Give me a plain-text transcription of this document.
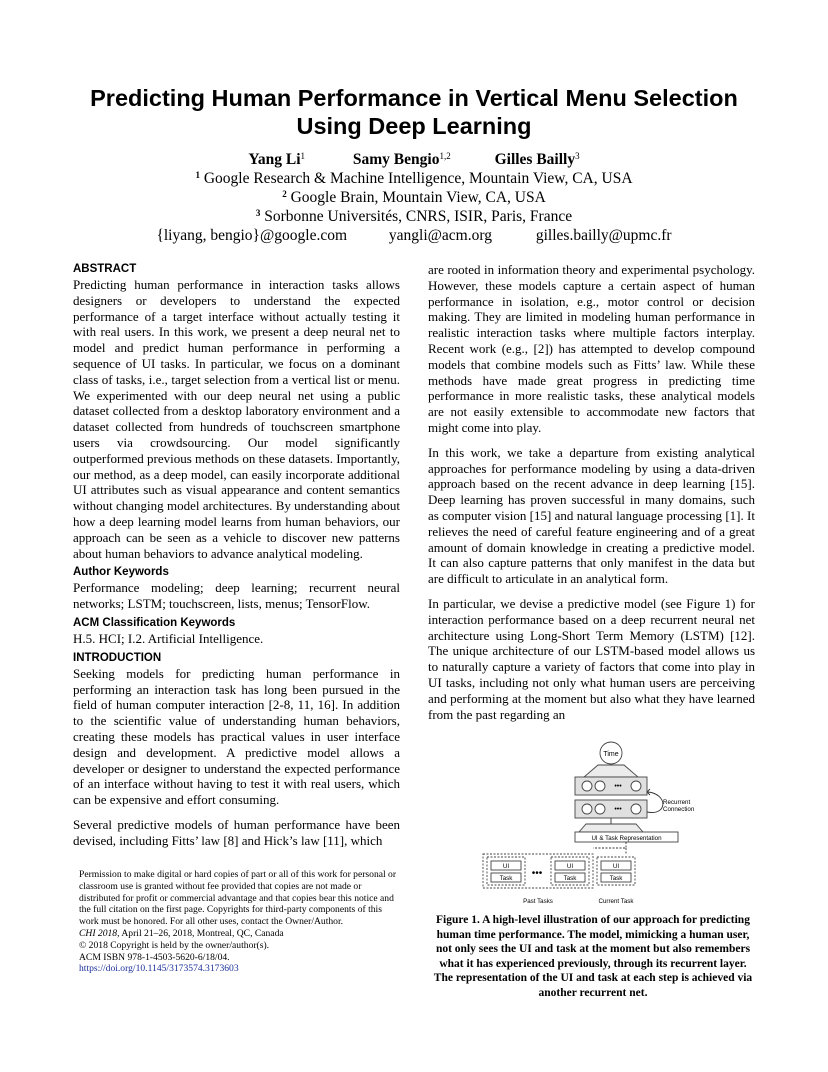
Predicting Human Performance in Vertical Menu Selection
Using Deep Learning
Yang Li$^1$	Samy Bengio$^{1,2}$	Gilles Bailly$^3$
$^1$ Google Research & Machine Intelligence, Mountain View, CA, USA
$^2$ Google Brain, Mountain View, CA, USA
$^3$ Sorbonne Universités, CNRS, ISIR, Paris, France
{liyang, bengio}@google.com	yangli@acm.org	gilles.bailly@upmc.fr
ABSTRACT

Predicting human performance in interaction tasks allows designers or developers to understand the expected performance of a target interface without actually testing it with real users. In this work, we present a deep neural net to model and predict human performance in performing a sequence of UI tasks. In particular, we focus on a dominant class of tasks, i.e., target selection from a vertical list or menu. We experimented with our deep neural net using a public dataset collected from a desktop laboratory environment and a dataset collected from hundreds of touchscreen smartphone users via crowdsourcing. Our model significantly outperformed previous methods on these datasets. Importantly, our method, as a deep model, can easily incorporate additional UI attributes such as visual appearance and content semantics without changing model architectures. By understanding about how a deep learning model learns from human behaviors, our approach can be seen as a vehicle to discover new patterns about human behaviors to advance analytical modeling.

Author Keywords

Performance modeling; deep learning; recurrent neural networks; LSTM; touchscreen, lists, menus; TensorFlow.

ACM Classification Keywords

H.5. HCI; I.2. Artificial Intelligence.

INTRODUCTION

Seeking models for predicting human performance in performing an interaction task has long been pursued in the field of human computer interaction [2-8, 11, 16]. In addition to the scientific value of understanding human behaviors, creating these models has practical values in user interface design and development. A predictive model allows a developer or designer to understand the expected performance of an interface without having to test it with real users, which can be expensive and effort consuming.

Several predictive models of human performance have been devised, including Fitts’ law [8] and Hick’s law [11], which

Permission to make digital or hard copies of part or all of this work for personal or classroom use is granted without fee provided that copies are not made or distributed for profit or commercial advantage and that copies bear this notice and the full citation on the first page. Copyrights for third-party components of this work must be honored. For all other uses, contact the Owner/Author.

CHI 2018, April 21–26, 2018, Montreal, QC, Canada

© 2018 Copyright is held by the owner/author(s).

ACM ISBN 978-1-4503-5620-6/18/04.

https://doi.org/10.1145/3173574.3173603

are rooted in information theory and experimental psychology. However, these models capture a certain aspect of human performance in isolation, e.g., motor control or decision making. They are limited in modeling human performance in realistic interaction tasks where multiple factors interplay. Recent work (e.g., [2]) has attempted to develop compound models that combine models such as Fitts’ law. While these methods have made great progress in predicting time performance in more realistic tasks, these analytical models are not easily extensible to accommodate new factors that might come into play.

In this work, we take a departure from existing analytical approaches for performance modeling by using a data-driven approach based on the recent advance in deep learning [15]. Deep learning has proven successful in many domains, such as computer vision [15] and natural language processing [1]. It relieves the need of careful feature engineering and of a great amount of domain knowledge in creating a predictive model. It can also capture patterns that only manifest in the data but are difficult to articulate in an analytical form.

In particular, we devise a predictive model (see Figure 1) for interaction performance based on a deep recurrent neural net architecture using Long-Short Term Memory (LSTM) [12]. The unique architecture of our LSTM-based model allows us to naturally capture a variety of factors that come into play in UI tasks, including not only what human users are perceiving and performing at the moment but also what they have learned from the past regarding an

Time
•••
•••
Recurrent
Connection
UI & Task Representation
UI
Task •••
UI
Task
UI
Task
Past Tasks	Current Task
Figure 1. A high-level illustration of our approach for predicting human time performance. The model, mimicking a human user, not only sees the UI and task at the moment but also remembers what it has experienced previously, through its recurrent layer. The representation of the UI and task at each step is achieved via another recurrent net.
